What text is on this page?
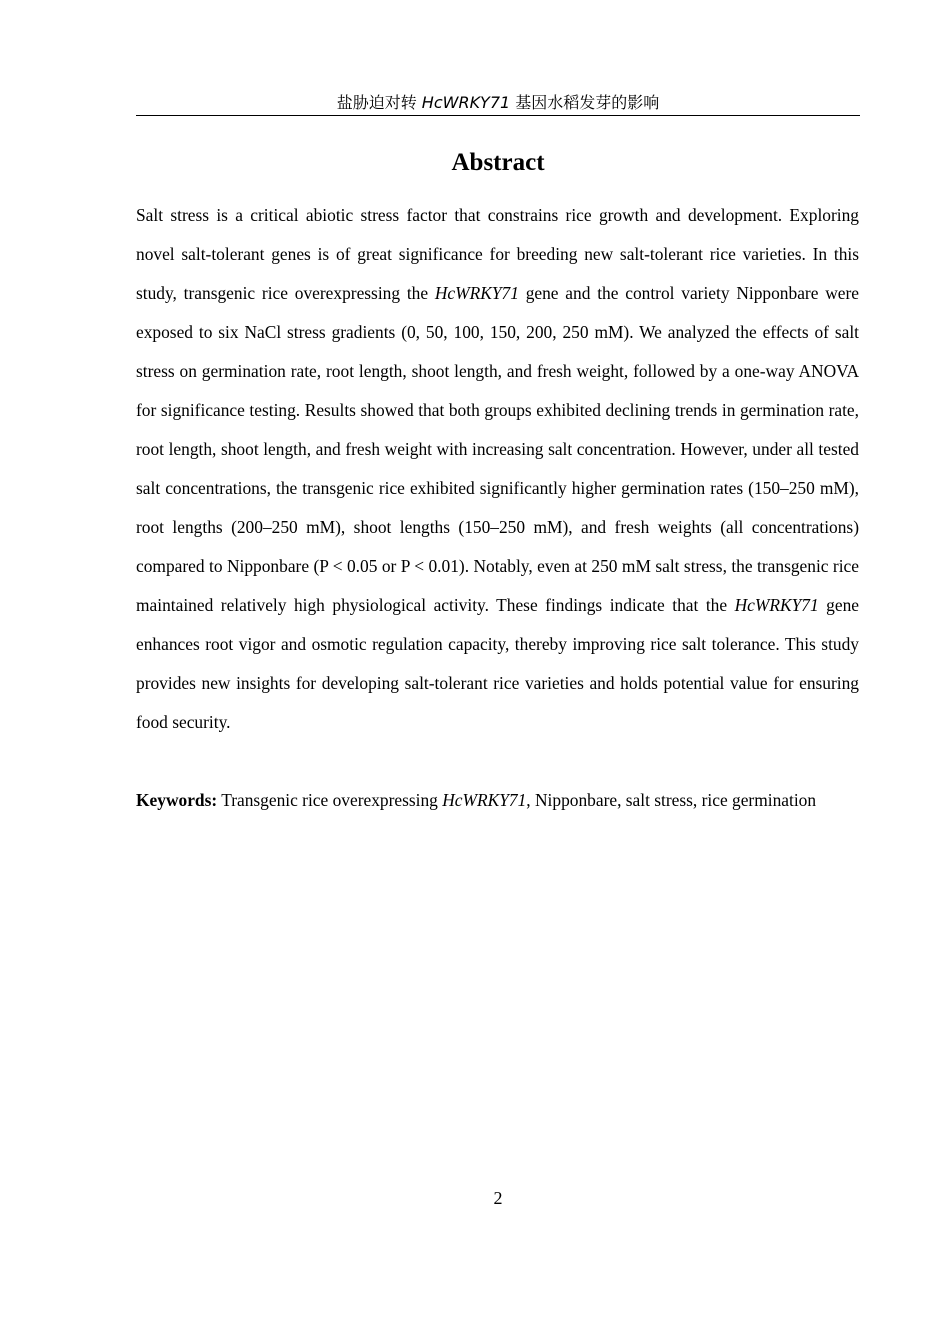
盐胁迫对转 HcWRKY71 基因水稻发芽的影响
Abstract

Salt stress is a critical abiotic stress factor that constrains rice growth and development. Exploring novel salt-tolerant genes is of great significance for breeding new salt-tolerant rice varieties. In this study, transgenic rice overexpressing the HcWRKY71 gene and the control variety Nipponbare were exposed to six NaCl stress gradients (0, 50, 100, 150, 200, 250 mM). We analyzed the effects of salt stress on germination rate, root length, shoot length, and fresh weight, followed by a one-way ANOVA for significance testing. Results showed that both groups exhibited declining trends in germination rate, root length, shoot length, and fresh weight with increasing salt concentration. However, under all tested salt concentrations, the transgenic rice exhibited significantly higher germination rates (150–250 mM), root lengths (200–250 mM), shoot lengths (150–250 mM), and fresh weights (all concentrations) compared to Nipponbare (P < 0.05 or P < 0.01). Notably, even at 250 mM salt stress, the transgenic rice maintained relatively high physiological activity. These findings indicate that the HcWRKY71 gene enhances root vigor and osmotic regulation capacity, thereby improving rice salt tolerance. This study provides new insights for developing salt-tolerant rice varieties and holds potential value for ensuring food security.

Keywords: Transgenic rice overexpressing HcWRKY71, Nipponbare, salt stress, rice germination

2
